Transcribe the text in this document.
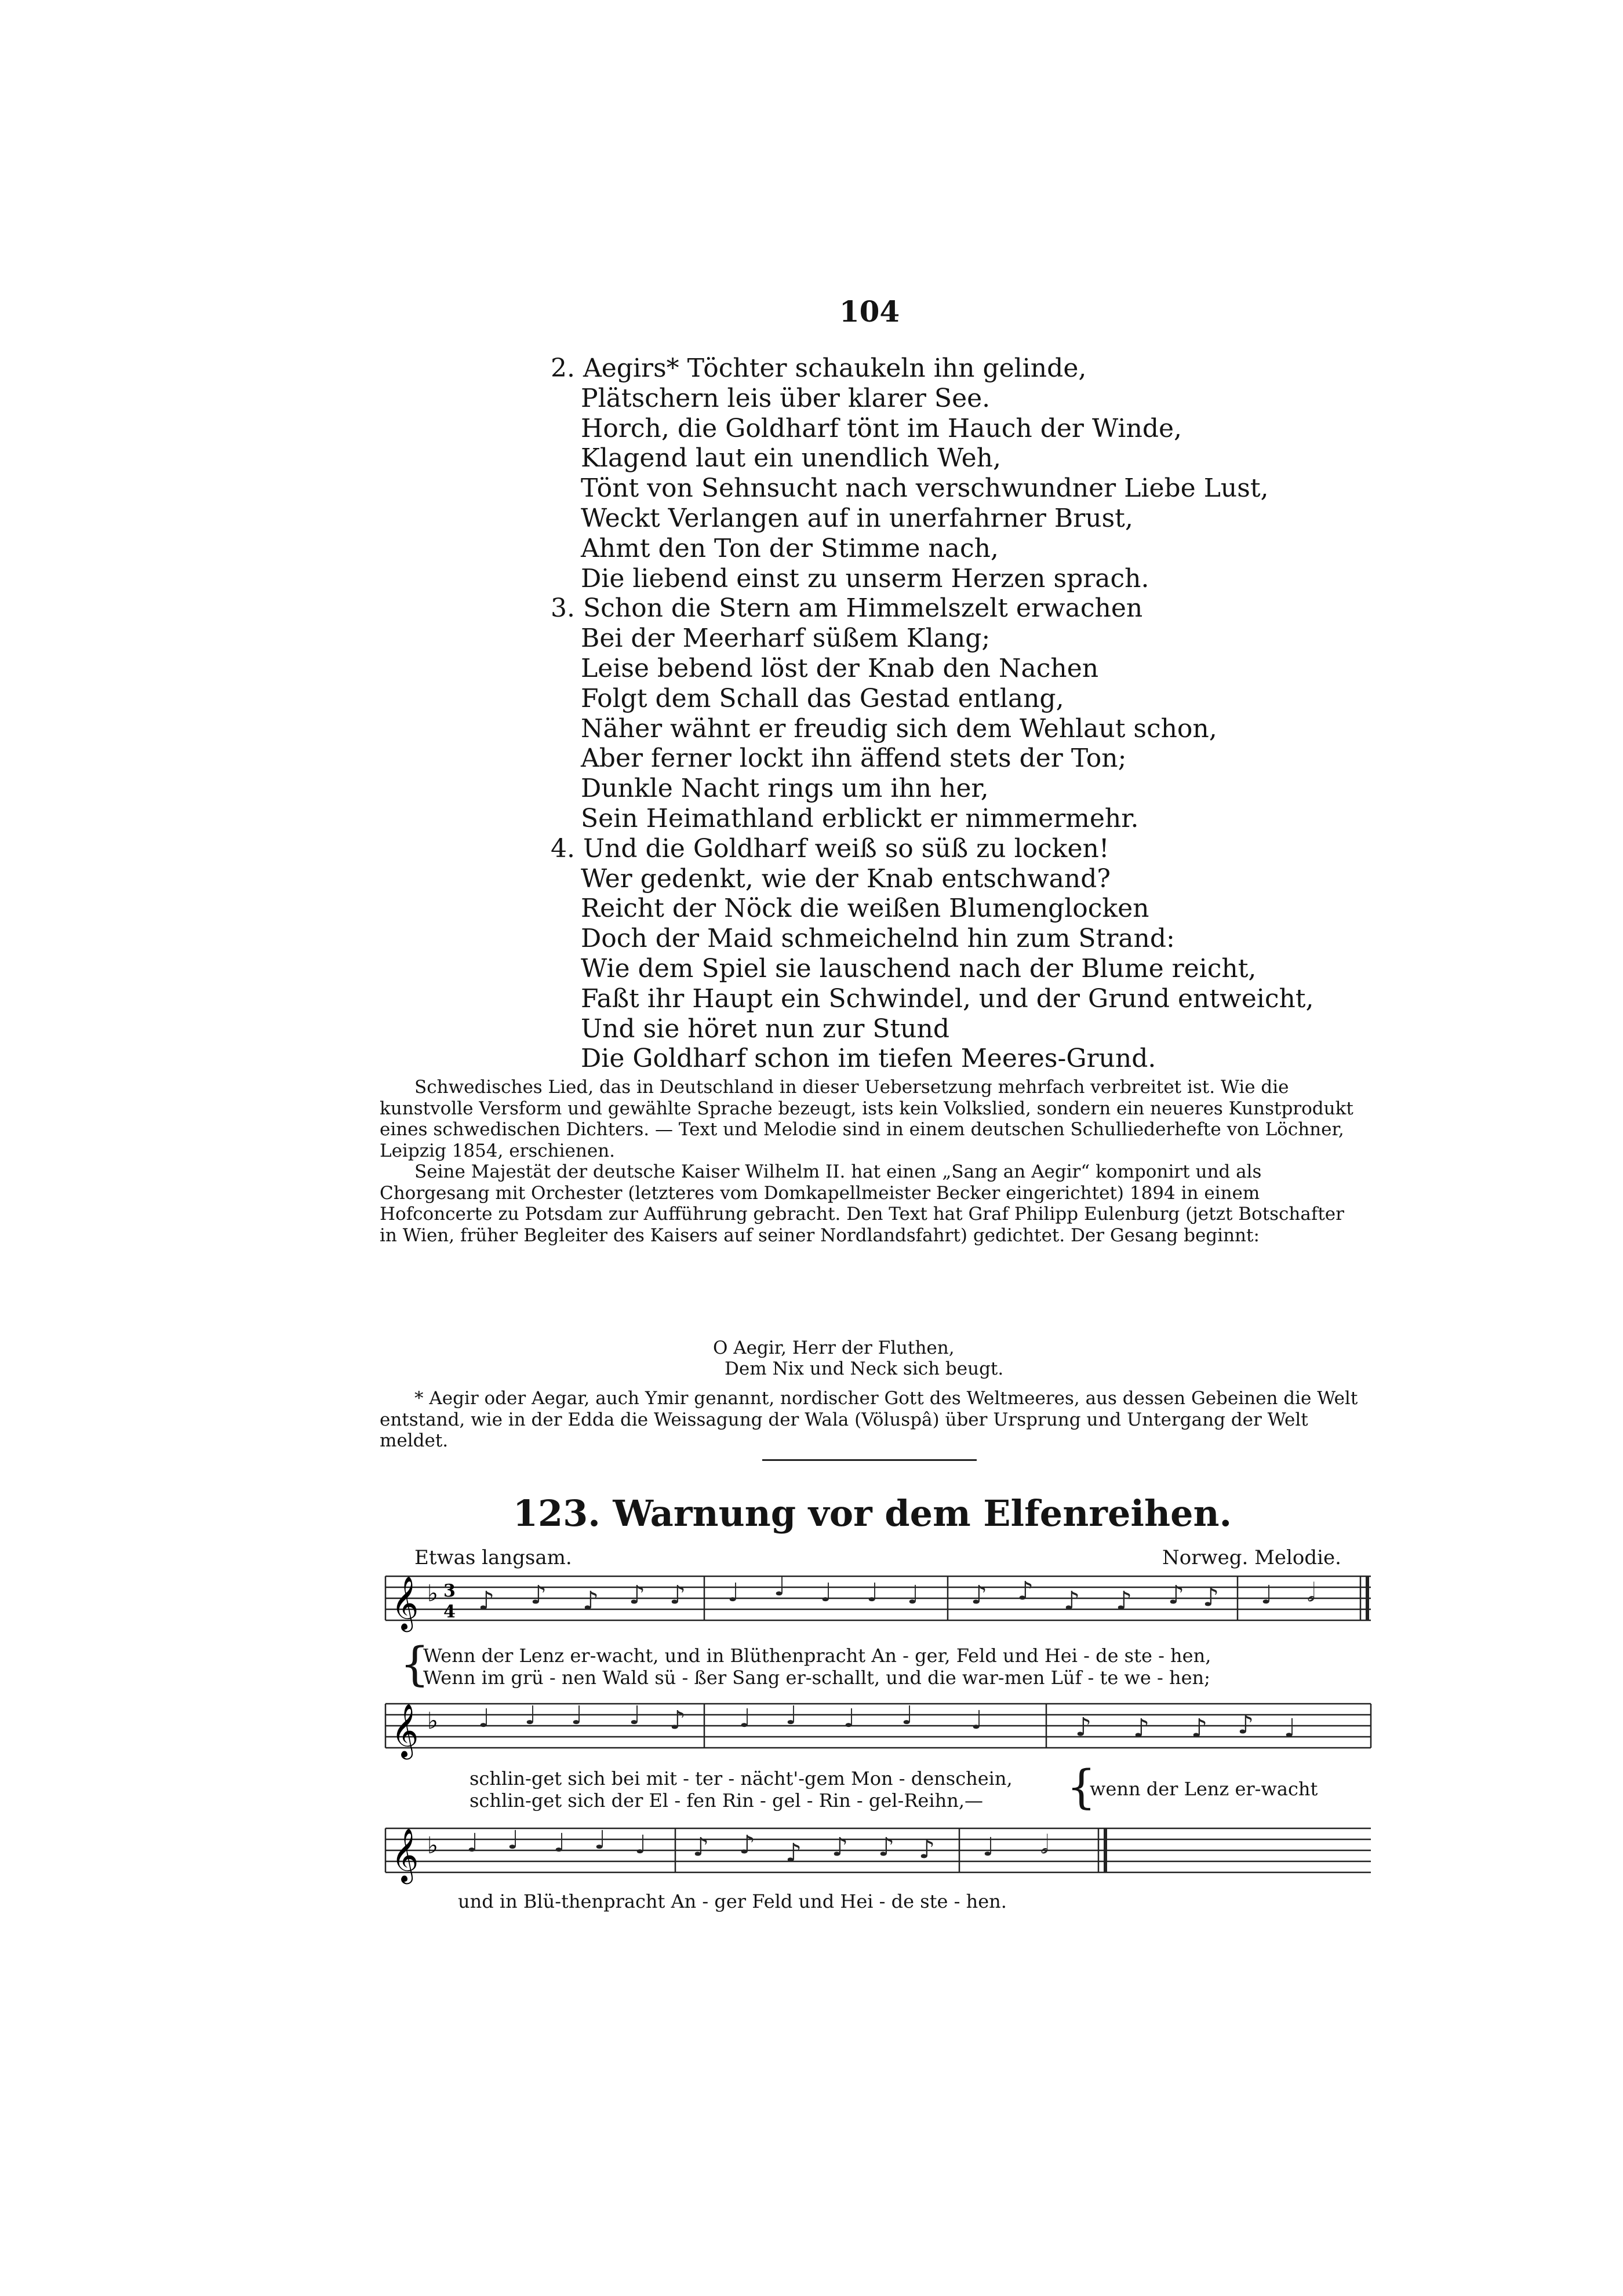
104
2. Aegirs* Töchter schaukeln ihn gelinde,
Plätschern leis über klarer See.
Horch, die Goldharf tönt im Hauch der Winde,
Klagend laut ein unendlich Weh,
Tönt von Sehnsucht nach verschwundner Liebe Lust,
Weckt Verlangen auf in unerfahrner Brust,
Ahmt den Ton der Stimme nach,
Die liebend einst zu unserm Herzen sprach.
3. Schon die Stern am Himmelszelt erwachen
Bei der Meerharf süßem Klang;
Leise bebend löst der Knab den Nachen
Folgt dem Schall das Gestad entlang,
Näher wähnt er freudig sich dem Wehlaut schon,
Aber ferner lockt ihn äffend stets der Ton;
Dunkle Nacht rings um ihn her,
Sein Heimathland erblickt er nimmermehr.
4. Und die Goldharf weiß so süß zu locken!
Wer gedenkt, wie der Knab entschwand?
Reicht der Nöck die weißen Blumenglocken
Doch der Maid schmeichelnd hin zum Strand:
Wie dem Spiel sie lauschend nach der Blume reicht,
Faßt ihr Haupt ein Schwindel, und der Grund entweicht,
Und sie höret nun zur Stund
Die Goldharf schon im tiefen Meeres-Grund.

Schwedisches Lied, das in Deutschland in dieser Uebersetzung mehrfach verbreitet ist. Wie die kunstvolle Versform und gewählte Sprache bezeugt, ists kein Volkslied, sondern ein neueres Kunstprodukt eines schwedischen Dichters. — Text und Melodie sind in einem deutschen Schulliederhefte von Löchner, Leipzig 1854, erschienen.

Seine Majestät der deutsche Kaiser Wilhelm II. hat einen „Sang an Aegir“ komponirt und als Chorgesang mit Orchester (letzteres vom Domkapellmeister Becker eingerichtet) 1894 in einem Hofconcerte zu Potsdam zur Aufführung gebracht. Den Text hat Graf Philipp Eulenburg (jetzt Botschafter in Wien, früher Begleiter des Kaisers auf seiner Nordlandsfahrt) gedichtet. Der Gesang beginnt:

O Aegir, Herr der Fluthen,
Dem Nix und Neck sich beugt.
* Aegir oder Aegar, auch Ymir genannt, nordischer Gott des Weltmeeres, aus dessen Gebeinen die Welt entstand, wie in der Edda die Weissagung der Wala (Völuspâ) über Ursprung und Untergang der Welt meldet.
123. Warnung vor dem Elfenreihen.
Etwas langsam.	Norweg. Melodie.
𝄞 ♭ 3
4 ♪ ♪ ♪ ♪ ♪ ♩ ♩ ♩ ♩ ♩ ♪ ♪ ♪ ♪ ♪ ♪ ♩ 𝅗𝅥
{
Wenn der Lenz er-wacht, und in Blüthenpracht An - ger, Feld und Hei - de ste - hen,
Wenn im grü - nen Wald sü - ßer Sang er-schallt, und die war-men Lüf - te we - hen;
𝄞 ♭ ♩ ♩ ♩ ♩ ♪ ♩ ♩ ♩ ♩ ♩	♪ ♪ ♪ ♪ ♩
schlin-get sich bei mit - ter - nächt'-gem Mon - denschein,
schlin-get sich der El - fen Rin - gel - Rin - gel-Reihn,— {
wenn der Lenz er-wacht
𝄞 ♭ ♩ ♩ ♩ ♩ ♩ ♪ ♪ ♪ ♪ ♪ ♪ ♩ 𝅗𝅥
und in Blü-thenpracht An - ger Feld und Hei - de ste - hen.
